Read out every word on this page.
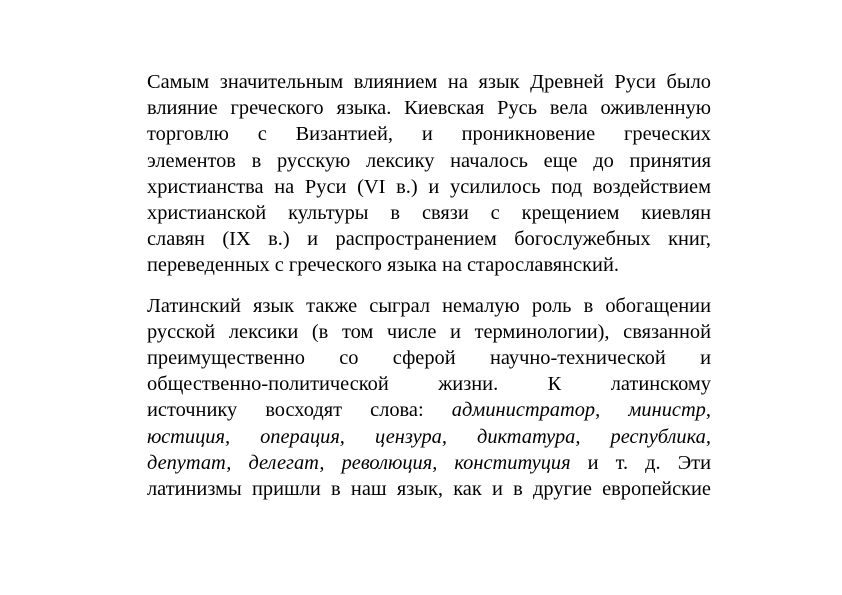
Самым значительным влиянием на язык Древней Руси было
влияние греческого языка. Киевская Русь вела оживленную
торговлю с Византией, и проникновение греческих
элементов в русскую лексику началось еще до принятия
христианства на Руси (VI в.) и усилилось под воздействием
христианской культуры в связи с крещением киевлян
славян (IX в.) и распространением богослужебных книг,
переведенных с греческого языка на старославянский.
Латинский язык также сыграл немалую роль в обогащении
русской лексики (в том числе и терминологии), связанной
преимущественно со сферой научно-технической и
общественно-политической жизни. К латинскому
источнику восходят слова: администратор, министр,
юстиция, операция, цензура, диктатура, республика,
депутат, делегат, революция, конституция и т. д. Эти
латинизмы пришли в наш язык, как и в другие европейские
